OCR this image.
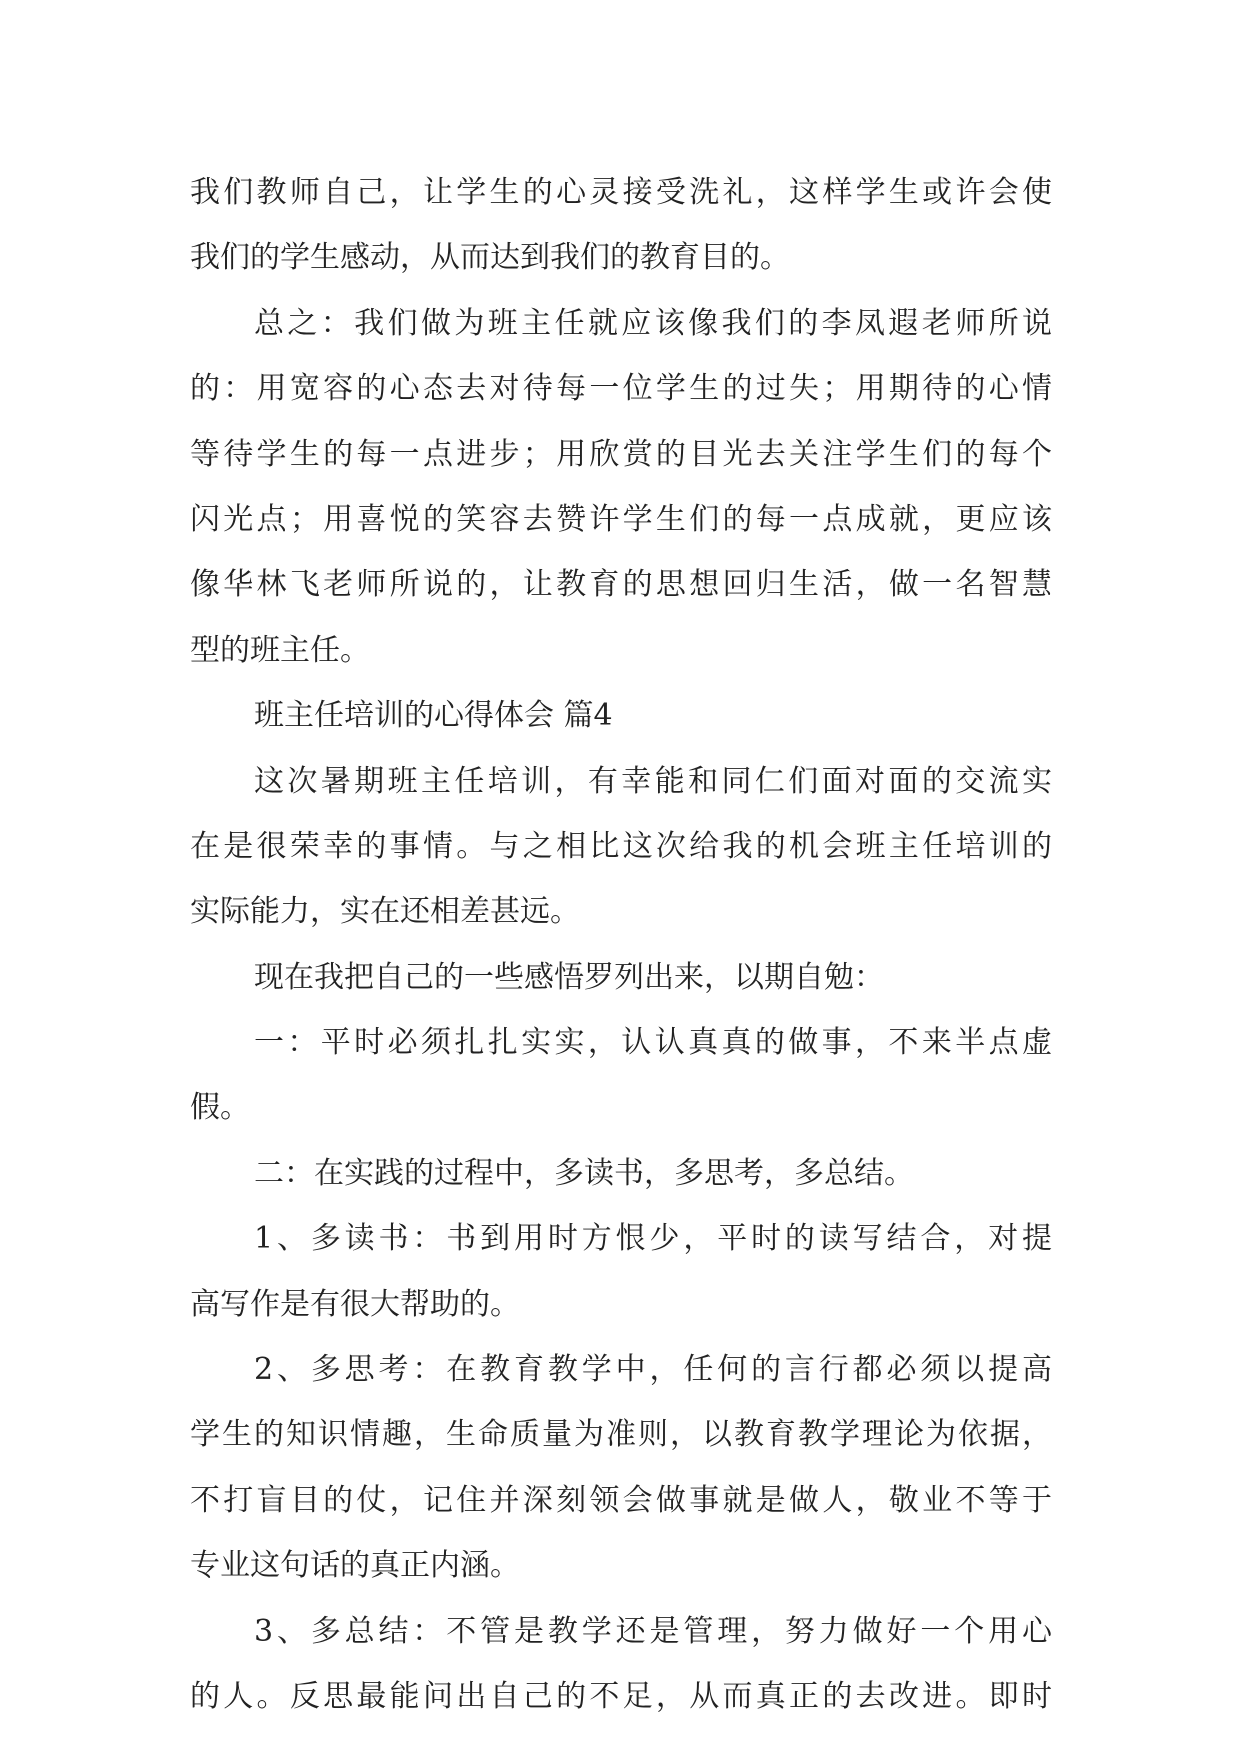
我们教师自己，让学生的心灵接受洗礼，这样学生或许会使
我们的学生感动，从而达到我们的教育目的。
总之：我们做为班主任就应该像我们的李凤遐老师所说
的：用宽容的心态去对待每一位学生的过失；用期待的心情
等待学生的每一点进步；用欣赏的目光去关注学生们的每个
闪光点；用喜悦的笑容去赞许学生们的每一点成就，更应该
像华林飞老师所说的，让教育的思想回归生活，做一名智慧
型的班主任。
班主任培训的心得体会 篇4
这次暑期班主任培训，有幸能和同仁们面对面的交流实
在是很荣幸的事情。与之相比这次给我的机会班主任培训的
实际能力，实在还相差甚远。
现在我把自己的一些感悟罗列出来，以期自勉：
一：平时必须扎扎实实，认认真真的做事，不来半点虚
假。
二：在实践的过程中，多读书，多思考，多总结。
1、多读书：书到用时方恨少，平时的读写结合，对提
高写作是有很大帮助的。
2、多思考：在教育教学中，任何的言行都必须以提高
学生的知识情趣，生命质量为准则，以教育教学理论为依据，
不打盲目的仗，记住并深刻领会做事就是做人，敬业不等于
专业这句话的真正内涵。
3、多总结：不管是教学还是管理，努力做好一个用心
的人。反思最能问出自己的不足，从而真正的去改进。即时
